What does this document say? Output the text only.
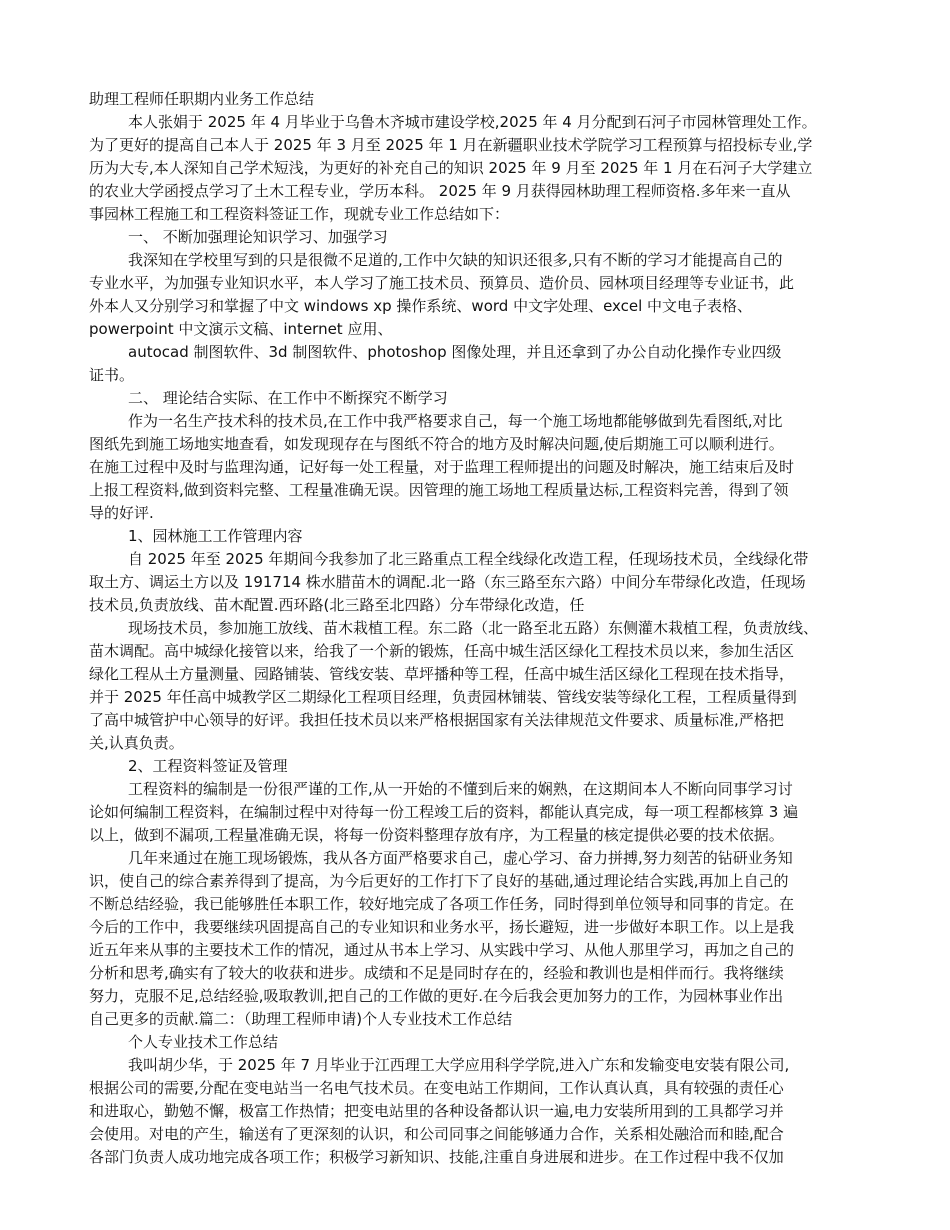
助理工程师任职期内业务工作总结
本人张娟于 2025 年 4 月毕业于乌鲁木齐城市建设学校,2025 年 4 月分配到石河子市园林管理处工作。
为了更好的提高自己本人于 2025 年 3 月至 2025 年 1 月在新疆职业技术学院学习工程预算与招投标专业,学
历为大专,本人深知自己学术短浅，为更好的补充自己的知识 2025 年 9 月至 2025 年 1 月在石河子大学建立
的农业大学函授点学习了土木工程专业，学历本科。 2025 年 9 月获得园林助理工程师资格.多年来一直从
事园林工程施工和工程资料签证工作，现就专业工作总结如下：
一、 不断加强理论知识学习、加强学习
我深知在学校里写到的只是很微不足道的,工作中欠缺的知识还很多,只有不断的学习才能提高自己的
专业水平，为加强专业知识水平，本人学习了施工技术员、预算员、造价员、园林项目经理等专业证书，此
外本人又分别学习和掌握了中文 windows xp 操作系统、word 中文字处理、excel 中文电子表格、
powerpoint 中文演示文稿、internet 应用、
autocad 制图软件、3d 制图软件、photoshop 图像处理，并且还拿到了办公自动化操作专业四级
证书。
二、 理论结合实际、在工作中不断探究不断学习
作为一名生产技术科的技术员,在工作中我严格要求自己，每一个施工场地都能够做到先看图纸,对比
图纸先到施工场地实地查看，如发现现存在与图纸不符合的地方及时解决问题,使后期施工可以顺利进行。
在施工过程中及时与监理沟通，记好每一处工程量，对于监理工程师提出的问题及时解决，施工结束后及时
上报工程资料,做到资料完整、工程量准确无误。因管理的施工场地工程质量达标,工程资料完善，得到了领
导的好评.
1、园林施工工作管理内容
自 2025 年至 2025 年期间今我参加了北三路重点工程全线绿化改造工程，任现场技术员，全线绿化带
取土方、调运土方以及 191714 株水腊苗木的调配.北一路（东三路至东六路）中间分车带绿化改造，任现场
技术员,负责放线、苗木配置.西环路(北三路至北四路）分车带绿化改造，任
现场技术员，参加施工放线、苗木栽植工程。东二路（北一路至北五路）东侧灌木栽植工程，负责放线、
苗木调配。高中城绿化接管以来，给我了一个新的锻炼，任高中城生活区绿化工程技术员以来，参加生活区
绿化工程从土方量测量、园路铺装、管线安装、草坪播种等工程，任高中城生活区绿化工程现在技术指导，
并于 2025 年任高中城教学区二期绿化工程项目经理，负责园林铺装、管线安装等绿化工程，工程质量得到
了高中城管护中心领导的好评。我担任技术员以来严格根据国家有关法律规范文件要求、质量标准,严格把
关,认真负责。
2、工程资料签证及管理
工程资料的编制是一份很严谨的工作,从一开始的不懂到后来的娴熟，在这期间本人不断向同事学习讨
论如何编制工程资料，在编制过程中对待每一份工程竣工后的资料，都能认真完成，每一项工程都核算 3 遍
以上，做到不漏项,工程量准确无误，将每一份资料整理存放有序，为工程量的核定提供必要的技术依据。
几年来通过在施工现场锻炼，我从各方面严格要求自己，虚心学习、奋力拼搏,努力刻苦的钻研业务知
识，使自己的综合素养得到了提高，为今后更好的工作打下了良好的基础,通过理论结合实践,再加上自己的
不断总结经验，我已能够胜任本职工作，较好地完成了各项工作任务，同时得到单位领导和同事的肯定。在
今后的工作中，我要继续巩固提高自己的专业知识和业务水平，扬长避短，进一步做好本职工作。以上是我
近五年来从事的主要技术工作的情况，通过从书本上学习、从实践中学习、从他人那里学习，再加之自己的
分析和思考,确实有了较大的收获和进步。成绩和不足是同时存在的，经验和教训也是相伴而行。我将继续
努力，克服不足,总结经验,吸取教训,把自己的工作做的更好.在今后我会更加努力的工作，为园林事业作出
自己更多的贡献.篇二：（助理工程师申请)个人专业技术工作总结
个人专业技术工作总结
我叫胡少华，于 2025 年 7 月毕业于江西理工大学应用科学学院,进入广东和发输变电安装有限公司,
根据公司的需要,分配在变电站当一名电气技术员。在变电站工作期间，工作认真认真，具有较强的责任心
和进取心，勤勉不懈，极富工作热情；把变电站里的各种设备都认识一遍,电力安装所用到的工具都学习并
会使用。对电的产生，输送有了更深刻的认识，和公司同事之间能够通力合作，关系相处融洽而和睦,配合
各部门负责人成功地完成各项工作；积极学习新知识、技能,注重自身进展和进步。在工作过程中我不仅加
